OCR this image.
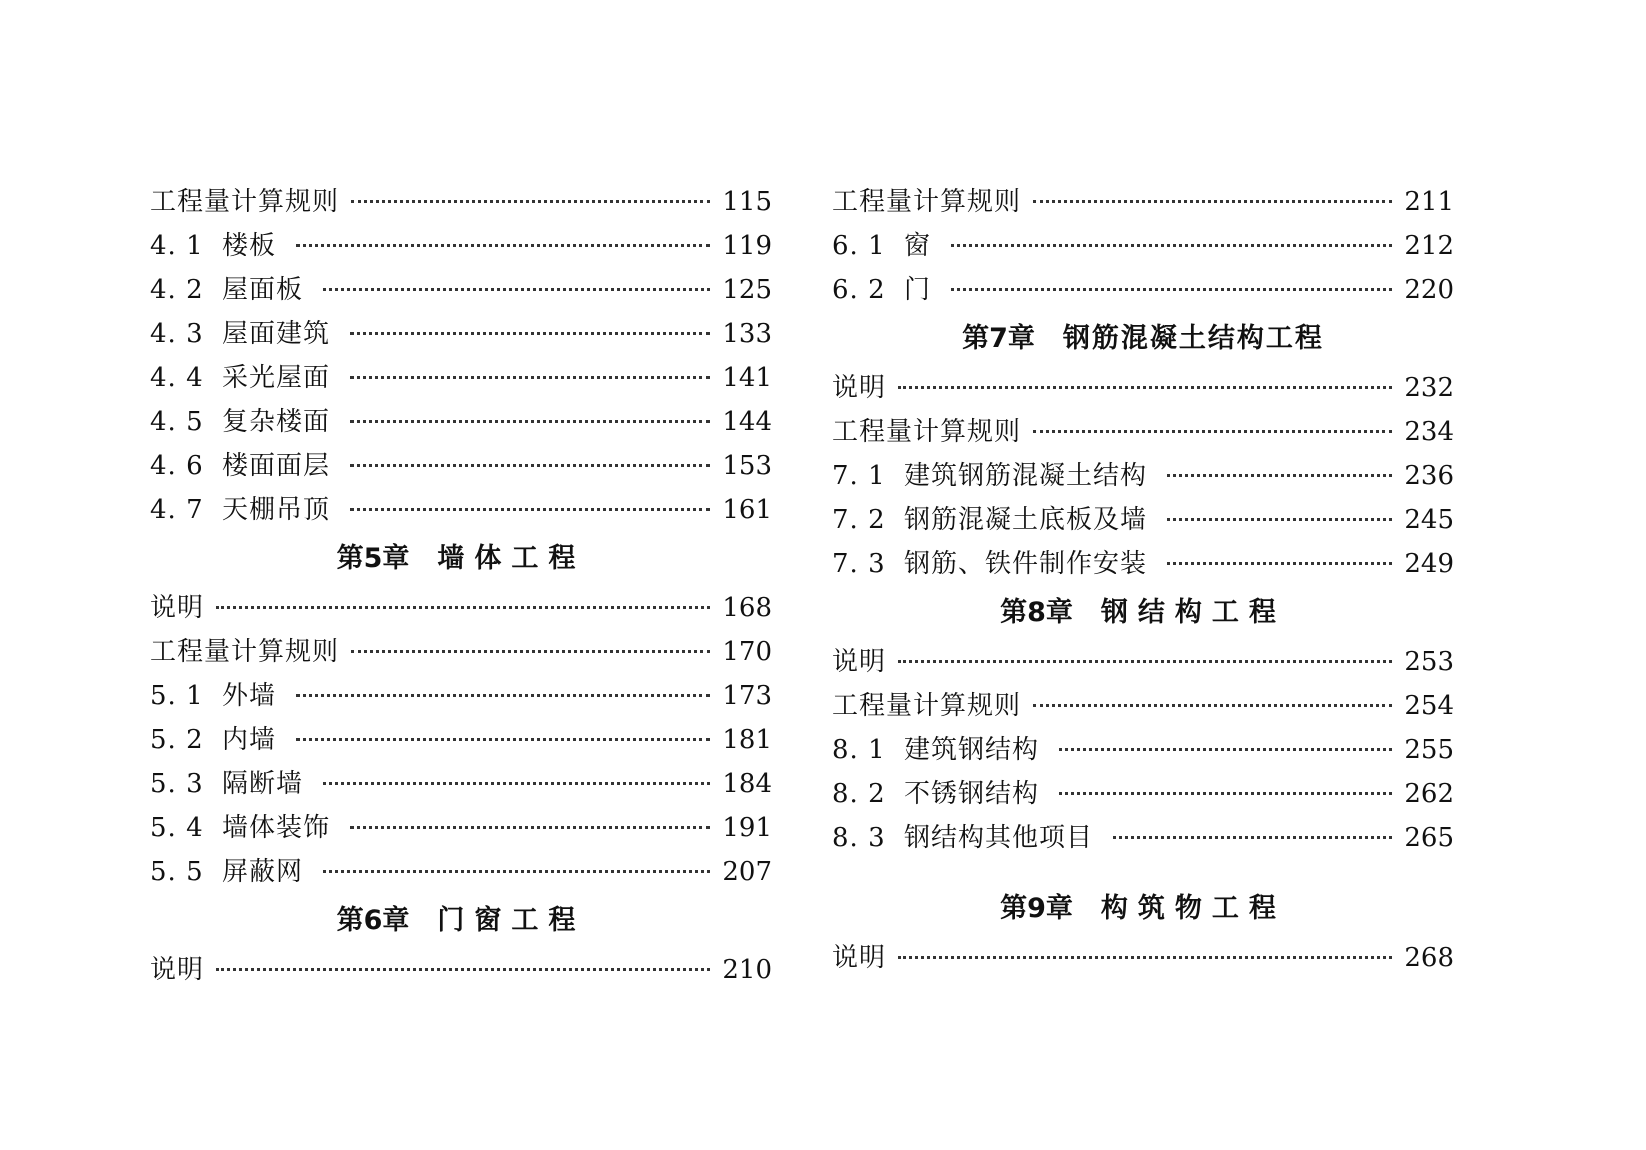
工程量计算规则	115
4. 1 楼板	119
4. 2 屋面板	125
4. 3 屋面建筑	133
4. 4 采光屋面	141
4. 5 复杂楼面	144
4. 6 楼面面层	153
4. 7 天棚吊顶	161
第5章 墙体工程
说明	168
工程量计算规则	170
5. 1 外墙	173
5. 2 内墙	181
5. 3 隔断墙	184
5. 4 墙体装饰	191
5. 5 屏蔽网	207
第6章 门窗工程
说明	210
工程量计算规则	211
6. 1 窗	212
6. 2 门	220
第7章 钢筋混凝土结构工程
说明	232
工程量计算规则	234
7. 1 建筑钢筋混凝土结构	236
7. 2 钢筋混凝土底板及墙	245
7. 3 钢筋、铁件制作安装	249
第8章 钢结构工程
说明	253
工程量计算规则	254
8. 1 建筑钢结构	255
8. 2 不锈钢结构	262
8. 3 钢结构其他项目	265
第9章 构筑物工程
说明	268
